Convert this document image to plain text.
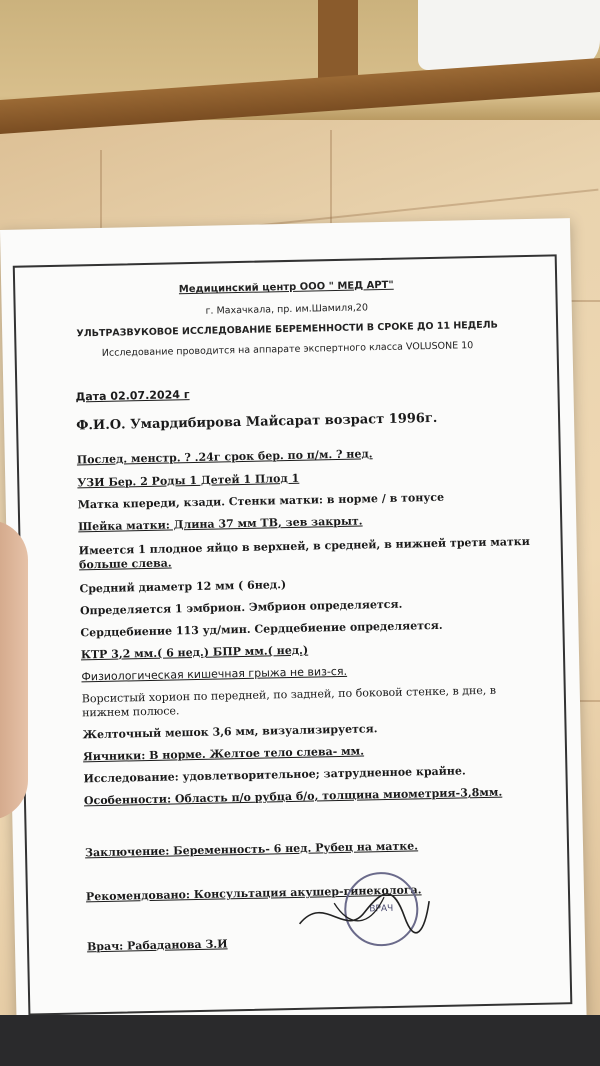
Медицинский центр ООО " МЕД АРТ"
г. Махачкала, пр. им.Шамиля,20
УЛЬТРАЗВУКОВОЕ ИССЛЕДОВАНИЕ БЕРЕМЕННОСТИ В СРОКЕ ДО 11 НЕДЕЛЬ
Исследование проводится на аппарате экспертного класса VOLUSONE 10
Дата 02.07.2024 г
Ф.И.О. Умардибирова Майсарат возраст 1996г.
Послед. менстр. ? .24г срок бер. по п/м. ? нед.
УЗИ Бер. 2 Роды 1 Детей 1 Плод 1
Матка кпереди, кзади. Стенки матки: в норме / в тонусе
Шейка матки: Длина 37 мм ТВ, зев закрыт.
Имеется 1 плодное яйцо в верхней, в средней, в нижней трети матки
больше слева.
Средний диаметр 12 мм ( 6нед.)
Определяется 1 эмбрион. Эмбрион определяется.
Сердцебиение 113 уд/мин. Сердцебиение определяется.
КТР 3,2 мм.( 6 нед.) БПР мм.( нед.)
Физиологическая кишечная грыжа не виз-ся.
Ворсистый хорион по передней, по задней, по боковой стенке, в дне, в
нижнем полюсе.
Желточный мешок 3,6 мм, визуализируется.
Яичники: В норме. Желтое тело слева- мм.
Исследование: удовлетворительное; затрудненное крайне.
Особенности: Область п/о рубца б/о, толщина миометрия-3,8мм.
Заключение: Беременность- 6 нед. Рубец на матке.
Рекомендовано: Консультация акушер-гинеколога.
Врач: Рабаданова З.И
ВРАЧ
